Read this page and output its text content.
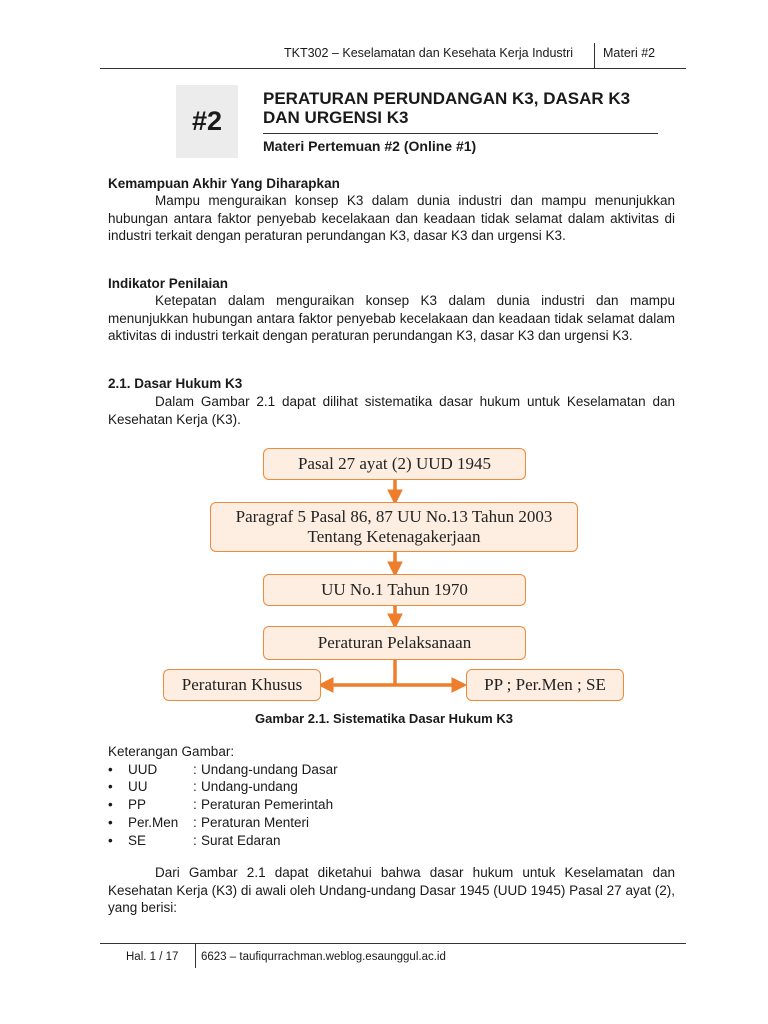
TKT302 – Keselamatan dan Kesehata Kerja Industri Materi #2
#2
PERATURAN PERUNDANGAN K3, DASAR K3 DAN URGENSI K3
Materi Pertemuan #2 (Online #1)
Kemampuan Akhir Yang Diharapkan

Mampu menguraikan konsep K3 dalam dunia industri dan mampu menunjukkan hubungan antara faktor penyebab kecelakaan dan keadaan tidak selamat dalam aktivitas di industri terkait dengan peraturan perundangan K3, dasar K3 dan urgensi K3.

Indikator Penilaian

Ketepatan dalam menguraikan konsep K3 dalam dunia industri dan mampu menunjukkan hubungan antara faktor penyebab kecelakaan dan keadaan tidak selamat dalam aktivitas di industri terkait dengan peraturan perundangan K3, dasar K3 dan urgensi K3.

2.1. Dasar Hukum K3

Dalam Gambar 2.1 dapat dilihat sistematika dasar hukum untuk Keselamatan dan Kesehatan Kerja (K3).

Pasal 27 ayat (2) UUD 1945
Paragraf 5 Pasal 86, 87 UU No.13 Tahun 2003
Tentang Ketenagakerjaan
UU No.1 Tahun 1970
Peraturan Pelaksanaan
Peraturan Khusus	PP ; Per.Men ; SE
Gambar 2.1. Sistematika Dasar Hukum K3
Keterangan Gambar:
• UUD	: Undang-undang Dasar
• UU	: Undang-undang
• PP	: Peraturan Pemerintah
• Per.Men : Peraturan Menteri
• SE	: Surat Edaran

Dari Gambar 2.1 dapat diketahui bahwa dasar hukum untuk Keselamatan dan Kesehatan Kerja (K3) di awali oleh Undang-undang Dasar 1945 (UUD 1945) Pasal 27 ayat (2), yang berisi:

Hal. 1 / 17 6623 – taufiqurrachman.weblog.esaunggul.ac.id
